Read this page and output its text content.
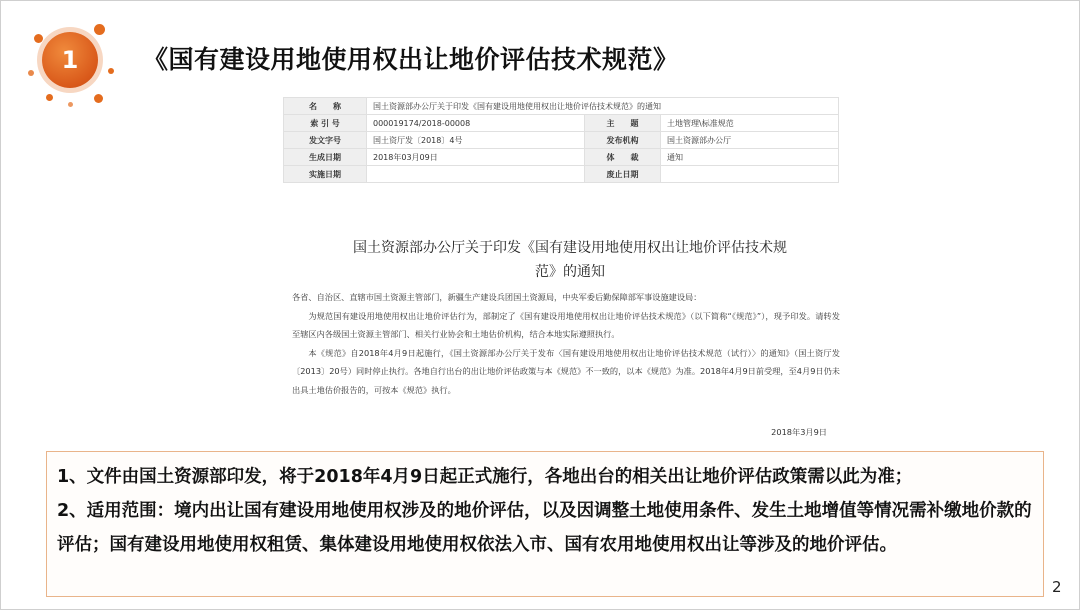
1	《国有建设用地使用权出让地价评估技术规范》
名　　称	国土资源部办公厅关于印发《国有建设用地使用权出让地价评估技术规范》的通知		
索 引 号	000019174/2018-00008	主　　题	土地管理\标准规范
发文字号	国土资厅发〔2018〕4号	发布机构	国土资源部办公厅
生成日期	2018年03月09日	体　　裁	通知
实施日期		废止日期	
国土资源部办公厅关于印发《国有建设用地使用权出让地价评估技术规
范》的通知

各省、自治区、直辖市国土资源主管部门，新疆生产建设兵团国土资源局，中央军委后勤保障部军事设施建设局：

为规范国有建设用地使用权出让地价评估行为，部制定了《国有建设用地使用权出让地价评估技术规范》（以下简称“《规范》”），现予印发。请转发至辖区内各级国土资源主管部门、相关行业协会和土地估价机构，结合本地实际遵照执行。

本《规范》自2018年4月9日起施行，《国土资源部办公厅关于发布〈国有建设用地使用权出让地价评估技术规范（试行）〉的通知》（国土资厅发〔2013〕20号）同时停止执行。各地自行出台的出让地价评估政策与本《规范》不一致的，以本《规范》为准。2018年4月9日前受理，至4月9日仍未出具土地估价报告的，可按本《规范》执行。

2018年3月9日

1、文件由国土资源部印发，将于2018年4月9日起正式施行，各地出台的相关出让地价评估政策需以此为准；

2、适用范围：境内出让国有建设用地使用权涉及的地价评估，以及因调整土地使用条件、发生土地增值等情况需补缴地价款的评估；国有建设用地使用权租赁、集体建设用地使用权依法入市、国有农用地使用权出让等涉及的地价评估。

2
